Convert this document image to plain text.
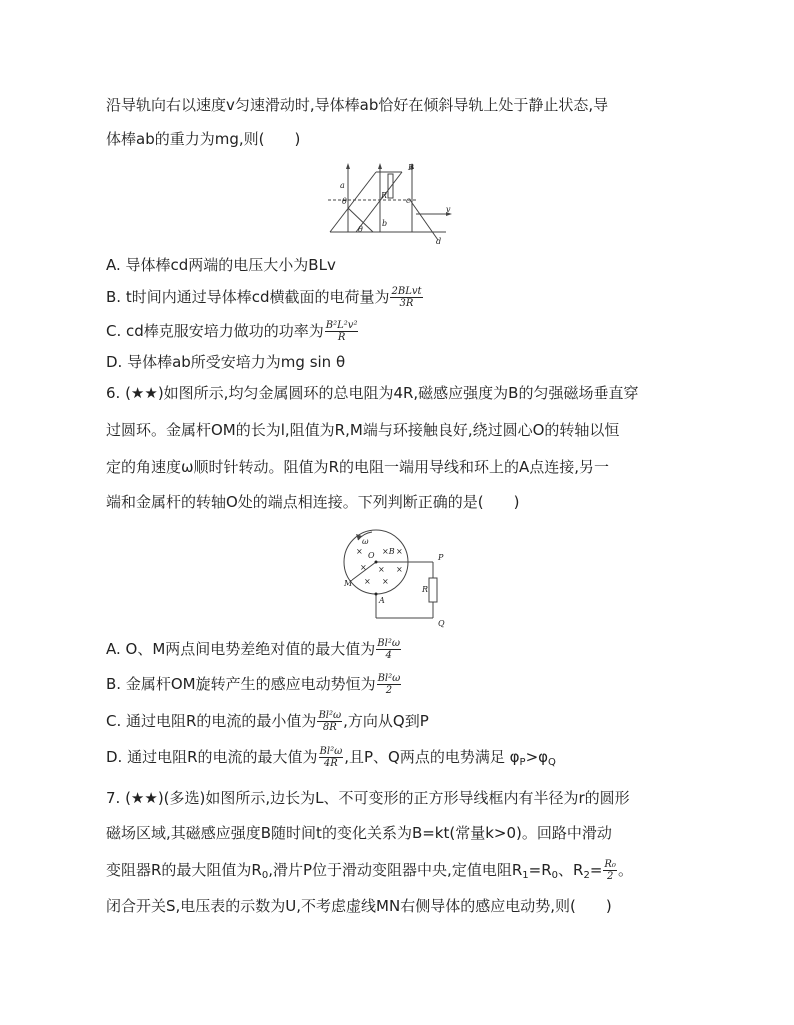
沿导轨向右以速度v匀速滑动时,导体棒ab恰好在倾斜导轨上处于静止状态,导
体棒ab的重力为mg,则(　　)
B
a
θ
R
c
b
θ
v
d
A. 导体棒cd两端的电压大小为BLv
B. t时间内通过导体棒cd横截面的电荷量为 $\frac{\text{2BLvt}}{3R}$
C. cd棒克服安培力做功的功率为 $\frac{\text{B²L²v²}}{R}$
D. 导体棒ab所受安培力为mg sin θ
6. (★★)如图所示,均匀金属圆环的总电阻为4R,磁感应强度为B的匀强磁场垂直穿
过圆环。金属杆OM的长为l,阻值为R,M端与环接触良好,绕过圆心O的转轴以恒
定的角速度ω顺时针转动。阻值为R的电阻一端用导线和环上的A点连接,另一
端和金属杆的转轴O处的端点相连接。下列判断正确的是(　　)
ω
O ×B
×	×
× × ×
× ×
P
R
M
A
Q
A. O、M两点间电势差绝对值的最大值为 $\frac{\text{Bl²ω}}{4}$
B. 金属杆OM旋转产生的感应电动势恒为 $\frac{\text{Bl²ω}}{2}$
C. 通过电阻R的电流的最小值为 $\frac{\text{Bl²ω}}{8R}$ ,方向从Q到P
D. 通过电阻R的电流的最大值为 $\frac{\text{Bl²ω}}{4R}$ ,且P、Q两点的电势满足 $\varphi_P>\varphi_Q$
7. (★★)(多选)如图所示,边长为L、不可变形的正方形导线框内有半径为r的圆形
磁场区域,其磁感应强度B随时间t的变化关系为B=kt(常量k>0)。回路中滑动
变阻器R的最大阻值为$R_0$,滑片P位于滑动变阻器中央,定值电阻$R_1=R_0$、$R_2= \frac{\text{R₀}}{2}$ 。
闭合开关S,电压表的示数为U,不考虑虚线MN右侧导体的感应电动势,则(　　)
